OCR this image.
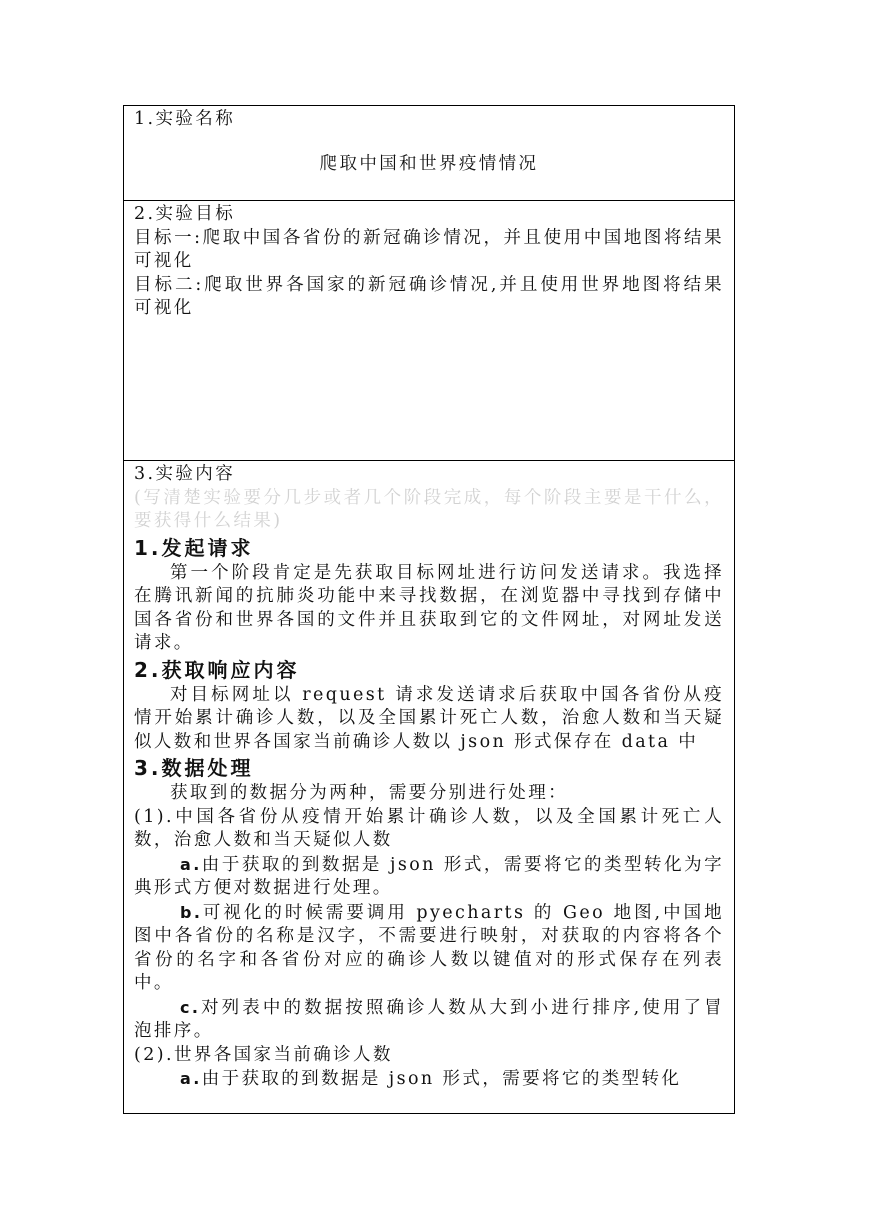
1.实验名称
爬取中国和世界疫情情况
2.实验目标

目标一:爬取中国各省份的新冠确诊情况，并且使用中国地图将结果可视化

目标二:爬取世界各国家的新冠确诊情况,并且使用世界地图将结果可视化

3.实验内容

(写清楚实验要分几步或者几个阶段完成，每个阶段主要是干什么，要获得什么结果)

1.发起请求

第一个阶段肯定是先获取目标网址进行访问发送请求。我选择在腾讯新闻的抗肺炎功能中来寻找数据，在浏览器中寻找到存储中国各省份和世界各国的文件并且获取到它的文件网址，对网址发送请求。

2.获取响应内容

对目标网址以 request 请求发送请求后获取中国各省份从疫情开始累计确诊人数，以及全国累计死亡人数，治愈人数和当天疑似人数和世界各国家当前确诊人数以 json 形式保存在 data 中

3.数据处理

获取到的数据分为两种，需要分别进行处理：

(1).中国各省份从疫情开始累计确诊人数，以及全国累计死亡人数，治愈人数和当天疑似人数

a.由于获取的到数据是 json 形式，需要将它的类型转化为字典形式方便对数据进行处理。

b.可视化的时候需要调用 pyecharts 的 Geo 地图,中国地图中各省份的名称是汉字，不需要进行映射，对获取的内容将各个省份的名字和各省份对应的确诊人数以键值对的形式保存在列表中。

c.对列表中的数据按照确诊人数从大到小进行排序,使用了冒泡排序。

(2).世界各国家当前确诊人数

a.由于获取的到数据是 json 形式，需要将它的类型转化
